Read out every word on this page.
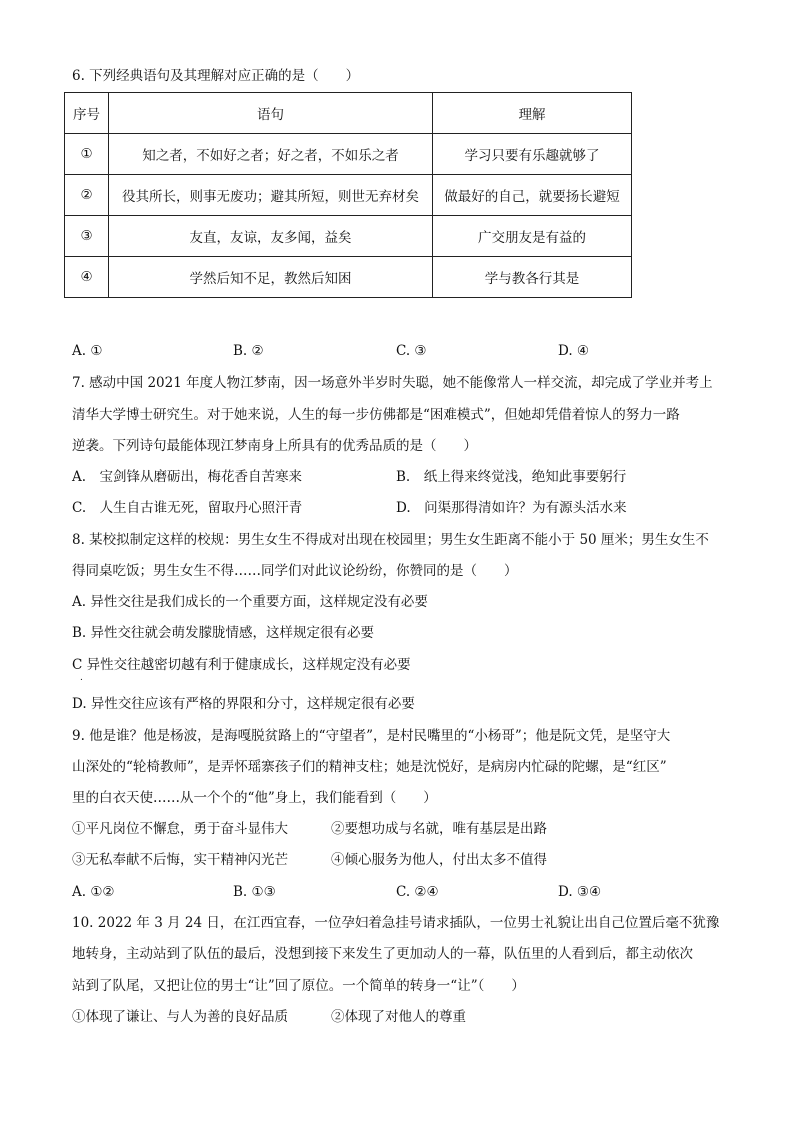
6. 下列经典语句及其理解对应正确的是（　　）
序号	语句	理解
①	知之者，不如好之者；好之者，不如乐之者	学习只要有乐趣就够了
②	役其所长，则事无废功；避其所短，则世无弃材矣	做最好的自己，就要扬长避短
③	友直，友谅，友多闻，益矣	广交朋友是有益的
④	学然后知不足，教然后知困	学与教各行其是
A. ①	B. ②	C. ③	D. ④
7. 感动中国 2021 年度人物江梦南，因一场意外半岁时失聪，她不能像常人一样交流，却完成了学业并考上
清华大学博士研究生。对于她来说，人生的每一步仿佛都是“困难模式”，但她却凭借着惊人的努力一路
逆袭。下列诗句最能体现江梦南身上所具有的优秀品质的是（　　）
A.　宝剑锋从磨砺出，梅花香自苦寒来	B.　纸上得来终觉浅，绝知此事要躬行
C.　人生自古谁无死，留取丹心照汗青	D.　问渠那得清如许？为有源头活水来
8. 某校拟制定这样的校规：男生女生不得成对出现在校园里；男生女生距离不能小于 50 厘米；男生女生不
得同桌吃饭；男生女生不得……同学们对此议论纷纷，你赞同的是（　　）
A. 异性交往是我们成长的一个重要方面，这样规定没有必要
B. 异性交往就会萌发朦胧情感，这样规定很有必要
C 异性交往越密切越有利于健康成长，这样规定没有必要
.
D. 异性交往应该有严格的界限和分寸，这样规定很有必要
9. 他是谁？他是杨波，是海嘎脱贫路上的“守望者”，是村民嘴里的“小杨哥”；他是阮文凭，是坚守大
山深处的“轮椅教师”，是弄怀瑶寨孩子们的精神支柱；她是沈悦好，是病房内忙碌的陀螺，是“红区”
里的白衣天使……从一个个的“他”身上，我们能看到（　　）
①平凡岗位不懈怠，勇于奋斗显伟大	②要想功成与名就，唯有基层是出路
③无私奉献不后悔，实干精神闪光芒	④倾心服务为他人，付出太多不值得
A. ①②	B. ①③	C. ②④	D. ③④
10. 2022 年 3 月 24 日，在江西宜春，一位孕妇着急挂号请求插队，一位男士礼貌让出自己位置后毫不犹豫
地转身，主动站到了队伍的最后，没想到接下来发生了更加动人的一幕，队伍里的人看到后，都主动依次
站到了队尾，又把让位的男士“让”回了原位。一个简单的转身一“让”（　　）
①体现了谦让、与人为善的良好品质	②体现了对他人的尊重
